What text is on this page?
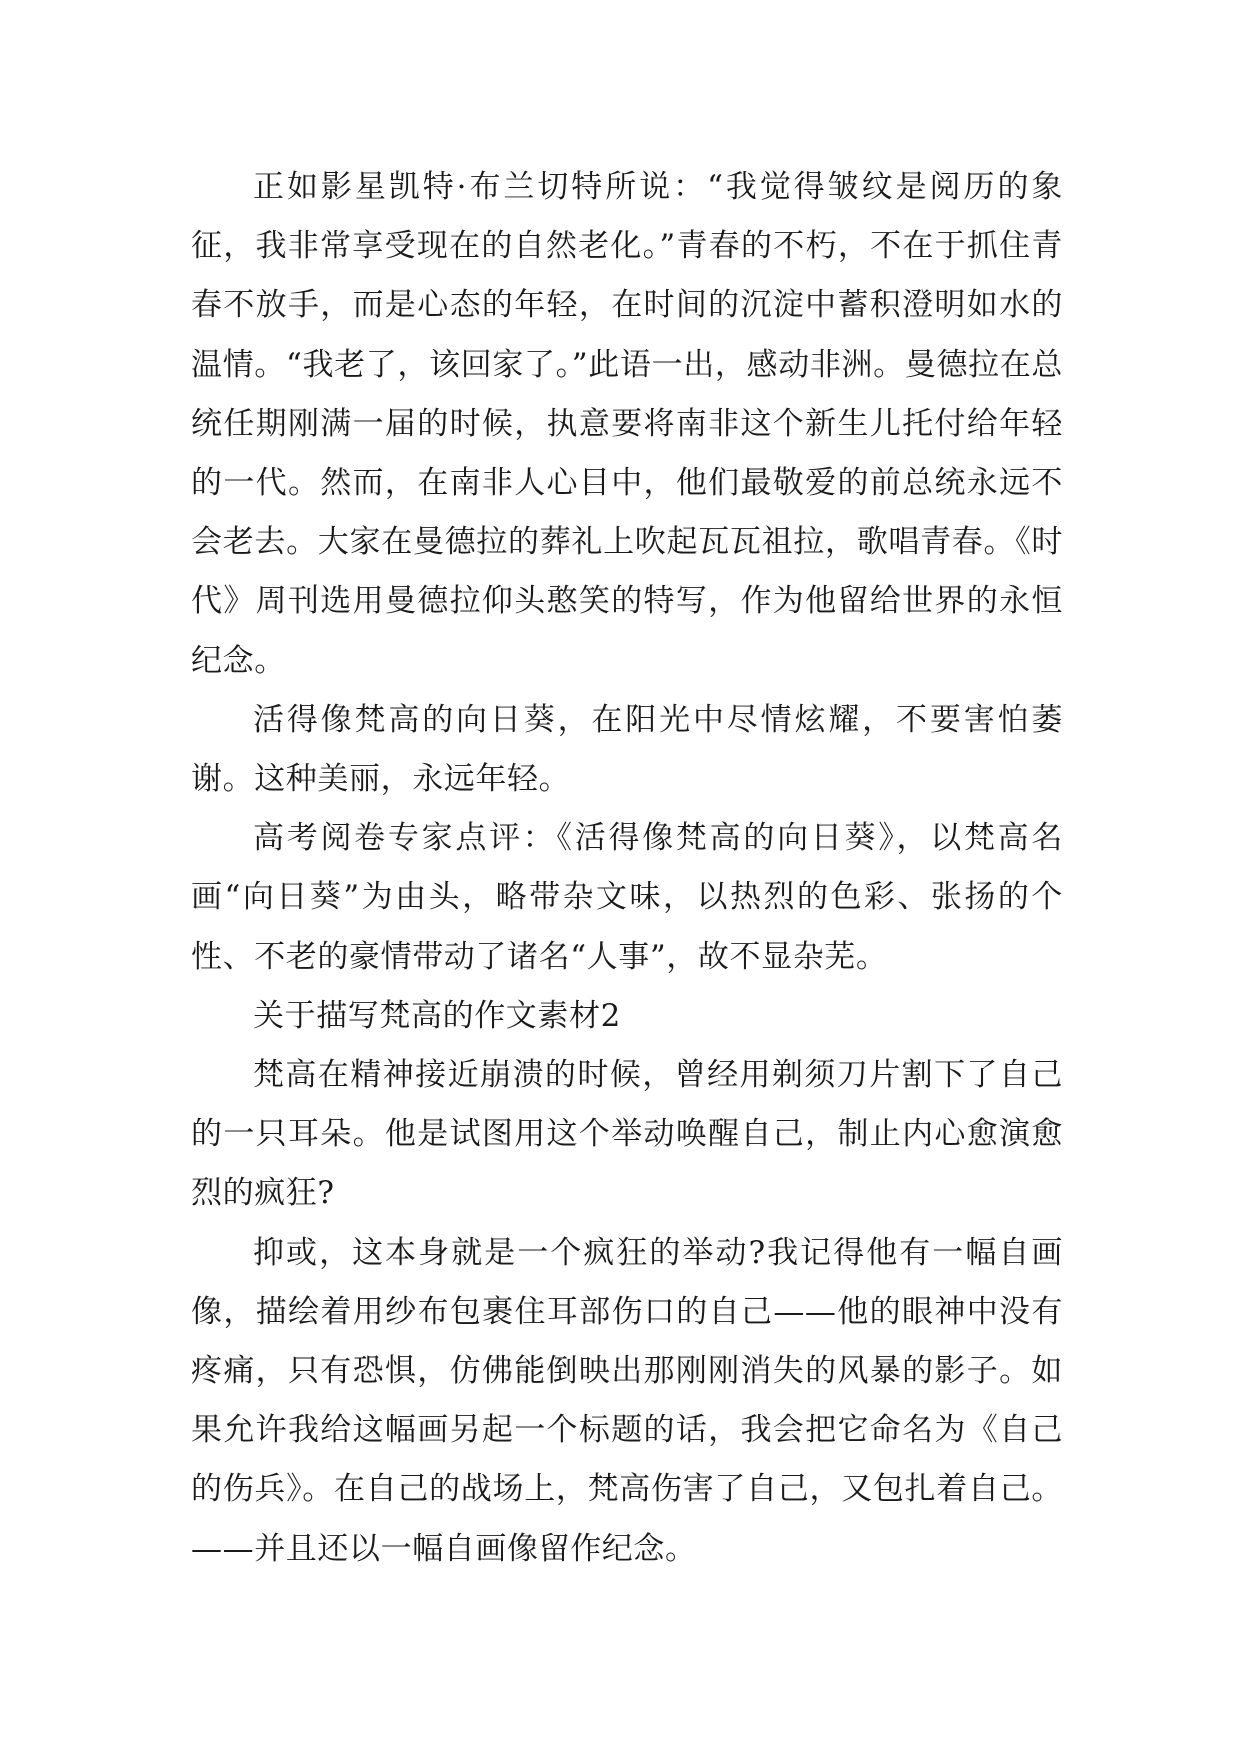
正如影星凯特·布兰切特所说：“我觉得皱纹是阅历的象征，我非常享受现在的自然老化。”青春的不朽，不在于抓住青春不放手，而是心态的年轻，在时间的沉淀中蓄积澄明如水的温情。“我老了，该回家了。”此语一出，感动非洲。曼德拉在总统任期刚满一届的时候，执意要将南非这个新生儿托付给年轻的一代。然而，在南非人心目中，他们最敬爱的前总统永远不会老去。大家在曼德拉的葬礼上吹起瓦瓦祖拉，歌唱青春。《时代》周刊选用曼德拉仰头憨笑的特写，作为他留给世界的永恒纪念。

活得像梵高的向日葵，在阳光中尽情炫耀，不要害怕萎谢。这种美丽，永远年轻。

高考阅卷专家点评：《活得像梵高的向日葵》，以梵高名画“向日葵”为由头，略带杂文味，以热烈的色彩、张扬的个性、不老的豪情带动了诸名“人事”，故不显杂芜。

关于描写梵高的作文素材2

梵高在精神接近崩溃的时候，曾经用剃须刀片割下了自己的一只耳朵。他是试图用这个举动唤醒自己，制止内心愈演愈烈的疯狂?

抑或，这本身就是一个疯狂的举动?我记得他有一幅自画像，描绘着用纱布包裹住耳部伤口的自己——他的眼神中没有疼痛，只有恐惧，仿佛能倒映出那刚刚消失的风暴的影子。如果允许我给这幅画另起一个标题的话，我会把它命名为《自己的伤兵》。在自己的战场上，梵高伤害了自己，又包扎着自己。——并且还以一幅自画像留作纪念。
